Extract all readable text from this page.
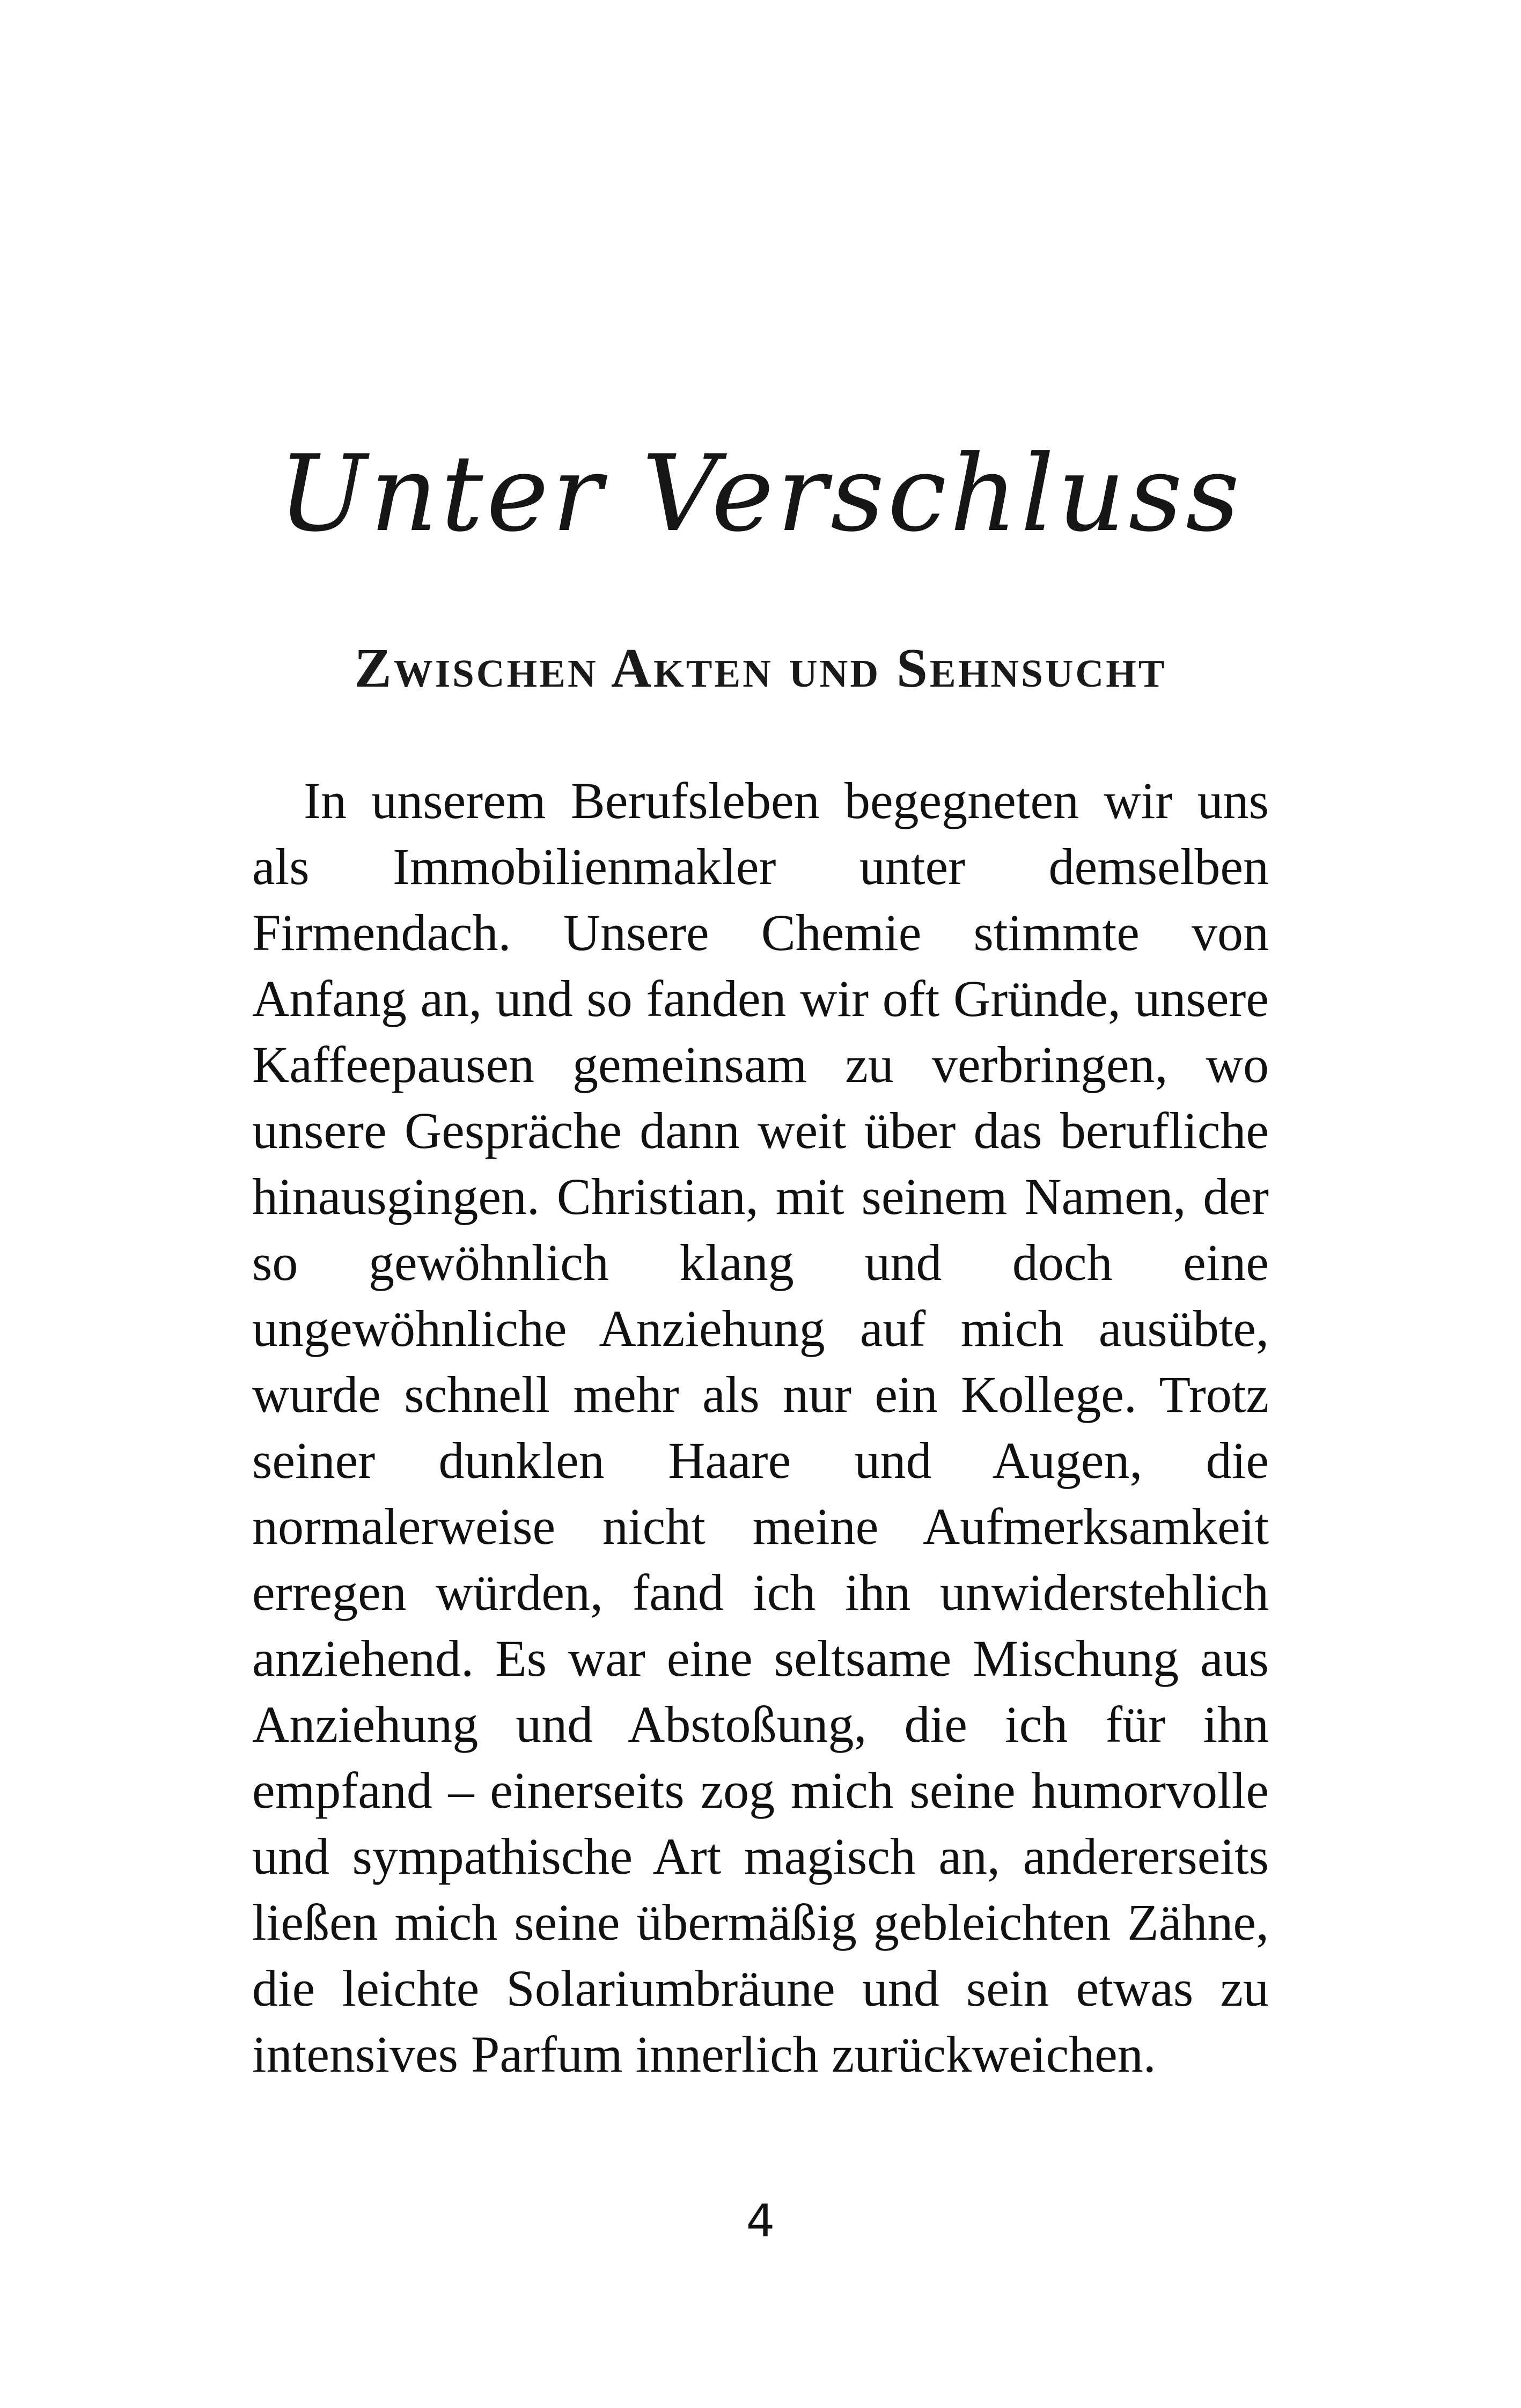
Unter Verschluss
Zwischen Akten und Sehnsucht

In unserem Berufsleben begegneten wir uns als Immobilienmakler unter demselben Firmendach. Unsere Chemie stimmte von Anfang an, und so fanden wir oft Gründe, unsere Kaffeepausen gemeinsam zu verbringen, wo unsere Gespräche dann weit über das berufliche hinausgingen. Christian, mit seinem Namen, der so gewöhnlich klang und doch eine ungewöhnliche Anziehung auf mich ausübte, wurde schnell mehr als nur ein Kollege. Trotz seiner dunklen Haare und Augen, die normalerweise nicht meine Aufmerksamkeit erregen würden, fand ich ihn unwiderstehlich anziehend. Es war eine seltsame Mischung aus Anziehung und Abstoßung, die ich für ihn empfand – einerseits zog mich seine humorvolle und sympathische Art magisch an, andererseits ließen mich seine übermäßig gebleichten Zähne, die leichte Solariumbräune und sein etwas zu intensives Parfum innerlich zurückweichen.

4
